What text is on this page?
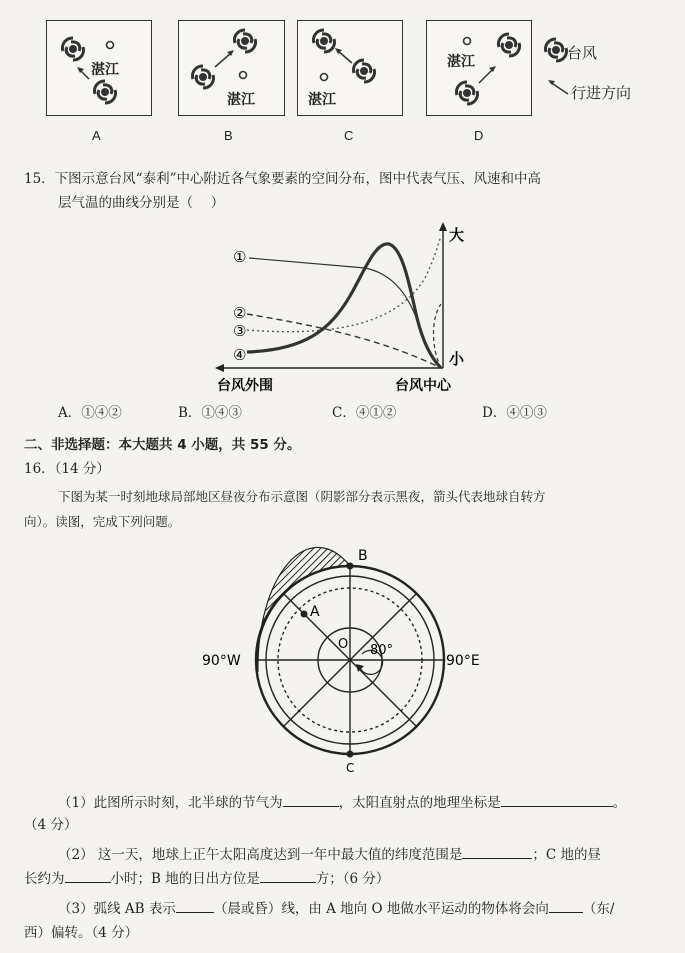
湛江
湛江	湛江
湛江
A	B	C	D
台风
行进方向
15．下图示意台风“泰利”中心附近各气象要素的空间分布，图中代表气压、风速和中高
层气温的曲线分别是（　 ）
①
②
③
④
大
小
台风外围	台风中心
A．①④②	B．①④③	C．④①②	D．④①③
二、非选择题：本大题共 4 小题，共 55 分。
16．（14 分）
下图为某一时刻地球局部地区昼夜分布示意图（阴影部分表示黑夜，箭头代表地球自转方
向）。读图，完成下列问题。
B
A
O 80°
C
90°W	90°E
（1）此图所示时刻，北半球的节气为	，太阳直射点的地理坐标是	。
（4 分）
（2） 这一天，地球上正午太阳高度达到一年中最大值的纬度范围是	；C 地的昼
长约为	小时；B 地的日出方位是	方；（6 分）
（3）弧线 AB 表示	（晨或昏）线，由 A 地向 O 地做水平运动的物体将会向	（东/
西）偏转。（4 分）
